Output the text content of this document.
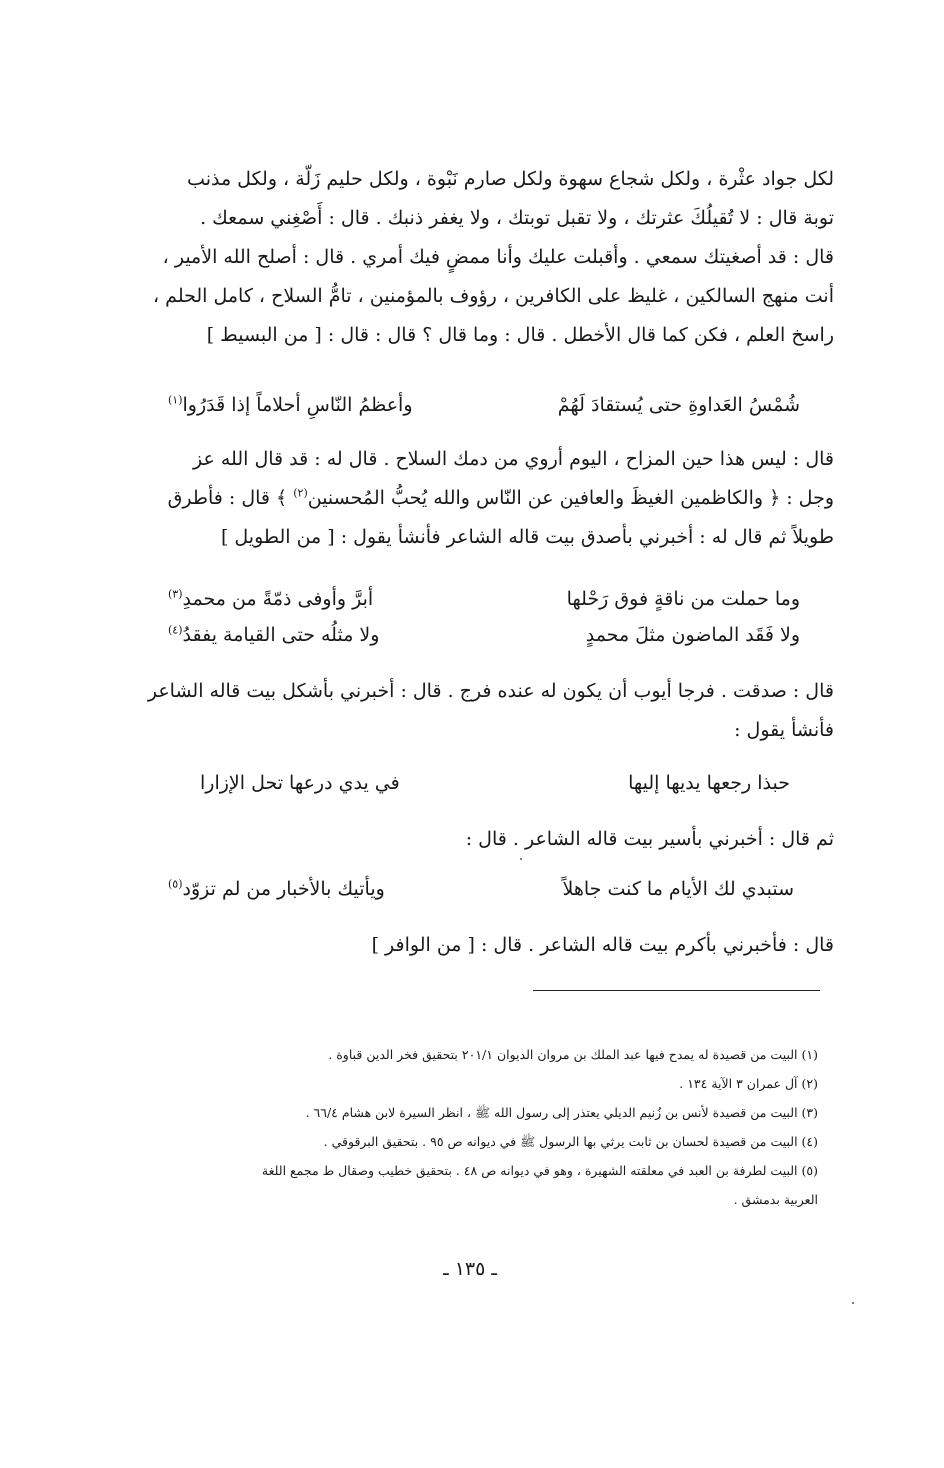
لكل جواد عثْرة ، ولكل شجاع سهوة ولكل صارم نَبْوة ، ولكل حليم زَلّة ، ولكل مذنب
توبة قال : لا تُقيلُكَ عثرتك ، ولا تقبل توبتك ، ولا يغفر ذنبك . قال : أَصْغِني سمعك .
قال : قد أصغيتك سمعي . وأقبلت عليك وأنا ممضٍ فيك أمري . قال : أصلح الله الأمير ،
أنت منهج السالكين ، غليظ على الكافرين ، رؤوف بالمؤمنين ، تامُّ السلاح ، كامل الحلم ،
راسخ العلم ، فكن كما قال الأخطل . قال : وما قال ؟ قال : قال : [ من البسيط ]
شُمْسُ العَداوةِ حتى يُستقادَ لَهُمْ
وأعظمُ النّاسِ أحلاماً إذا قَدَرُوا$^{(١)}$
قال : ليس هذا حين المزاح ، اليوم أروي من دمك السلاح . قال له : قد قال الله عز
وجل : ﴿ والكاظمين الغيظَ والعافين عن النّاس والله يُحبُّ المُحسنين$^{(٢)}$ ﴾ قال : فأطرق
طويلاً ثم قال له : أخبرني بأصدق بيت قاله الشاعر فأنشأ يقول : [ من الطويل ]
وما حملت من ناقةٍ فوق رَحْلها
أبرَّ وأوفى ذمّةً من محمدِ$^{(٣)}$
ولا فَقَد الماضون مثلَ محمدٍ
ولا مثلُه حتى القيامة يفقدُ$^{(٤)}$
قال : صدقت . فرجا أيوب أن يكون له عنده فرج . قال : أخبرني بأشكل بيت قاله الشاعر
فأنشأ يقول :
حبذا رجعها يديها إليها
في يدي درعها تحل الإزارا
ثم قال : أخبرني بأسير بيت قاله الشاعر . قال :
ستبدي لك الأيام ما كنت جاهلاً
ويأتيك بالأخبار من لم تزوّد$^{(٥)}$
قال : فأخبرني بأكرم بيت قاله الشاعر . قال : [ من الوافر ]
(١) البيت من قصيدة له يمدح فيها عبد الملك بن مروان الديوان ٢٠١/١ بتحقيق فخر الدين قباوة .
(٢) آل عمران ٣ الآية ١٣٤ .
(٣) البيت من قصيدة لأنس بن زُنيم الديلي يعتذر إلى رسول الله ﷺ ، انظر السيرة لابن هشام ٦٦/٤ .
(٤) البيت من قصيدة لحسان بن ثابت يرثي بها الرسول ﷺ في ديوانه ص ٩٥ . بتحقيق البرقوقي .
(٥) البيت لطرفة بن العبد في معلقته الشهيرة ، وهو في ديوانه ص ٤٨ . بتحقيق خطيب وصقال ط مجمع اللغة
العربية بدمشق .
ـ ١٣٥ ـ
